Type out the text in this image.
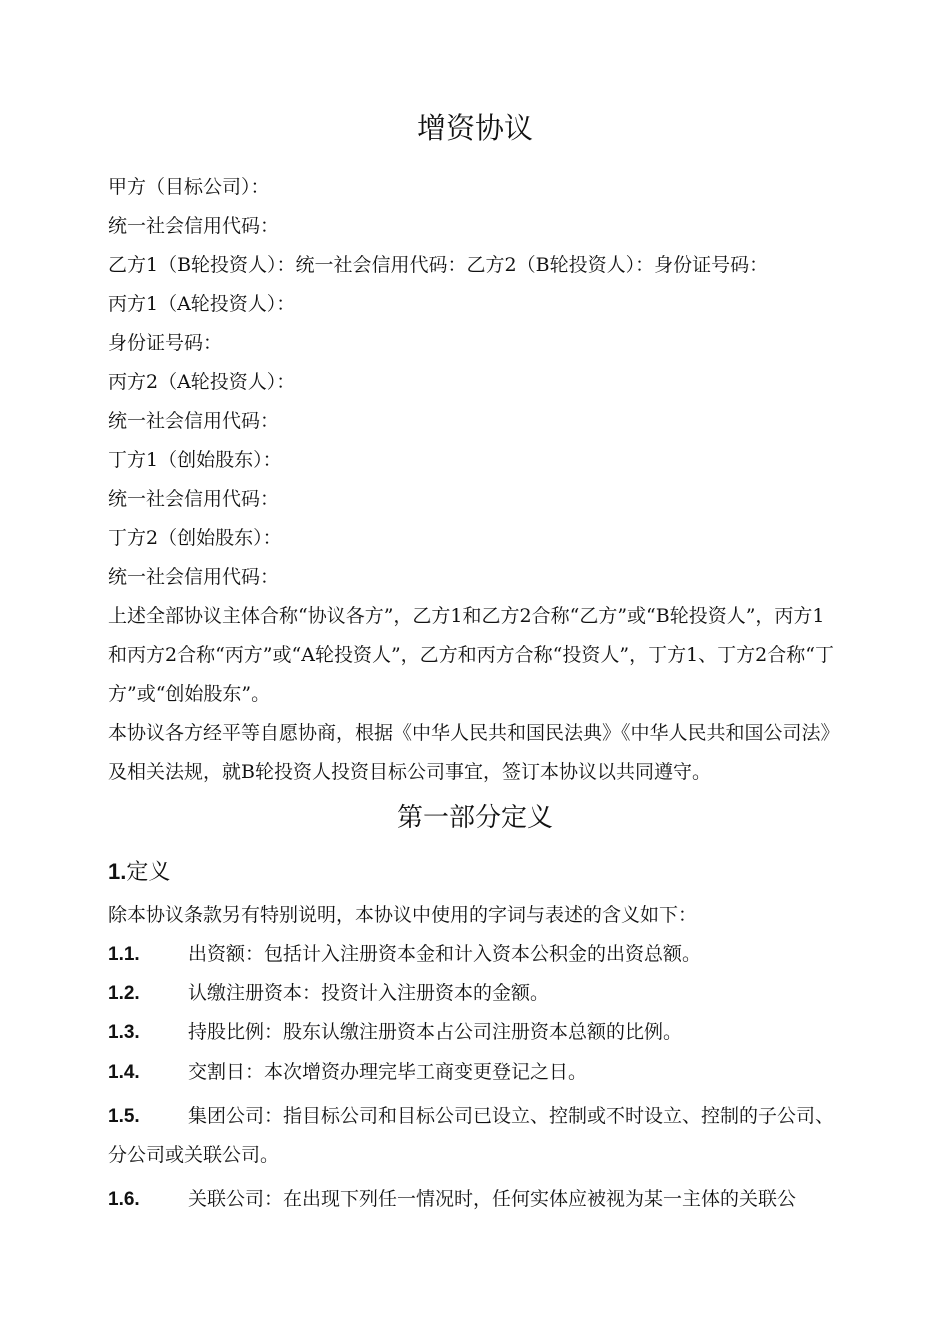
增资协议
甲方（目标公司）：
统一社会信用代码：
乙方1（B轮投资人）：统一社会信用代码：乙方2（B轮投资人）：身份证号码：
丙方1（A轮投资人）：
身份证号码：
丙方2（A轮投资人）：
统一社会信用代码：
丁方1（创始股东）：
统一社会信用代码：
丁方2（创始股东）：
统一社会信用代码：
上述全部协议主体合称“协议各方”，乙方1和乙方2合称“乙方”或“B轮投资人”，丙方1和丙方2合称“丙方”或“A轮投资人”，乙方和丙方合称“投资人”，丁方1、丁方2合称“丁方”或“创始股东”。
本协议各方经平等自愿协商，根据《中华人民共和国民法典》《中华人民共和国公司法》及相关法规，就B轮投资人投资目标公司事宜，签订本协议以共同遵守。
第一部分定义
1.定义
除本协议条款另有特别说明，本协议中使用的字词与表述的含义如下：
1.1.	出资额：包括计入注册资本金和计入资本公积金的出资总额。
1.2.	认缴注册资本：投资计入注册资本的金额。
1.3.	持股比例：股东认缴注册资本占公司注册资本总额的比例。
1.4.	交割日：本次增资办理完毕工商变更登记之日。
1.5.	集团公司：指目标公司和目标公司已设立、控制或不时设立、控制的子公司、分公司或关联公司。
1.6.	关联公司：在出现下列任一情况时，任何实体应被视为某一主体的关联公
